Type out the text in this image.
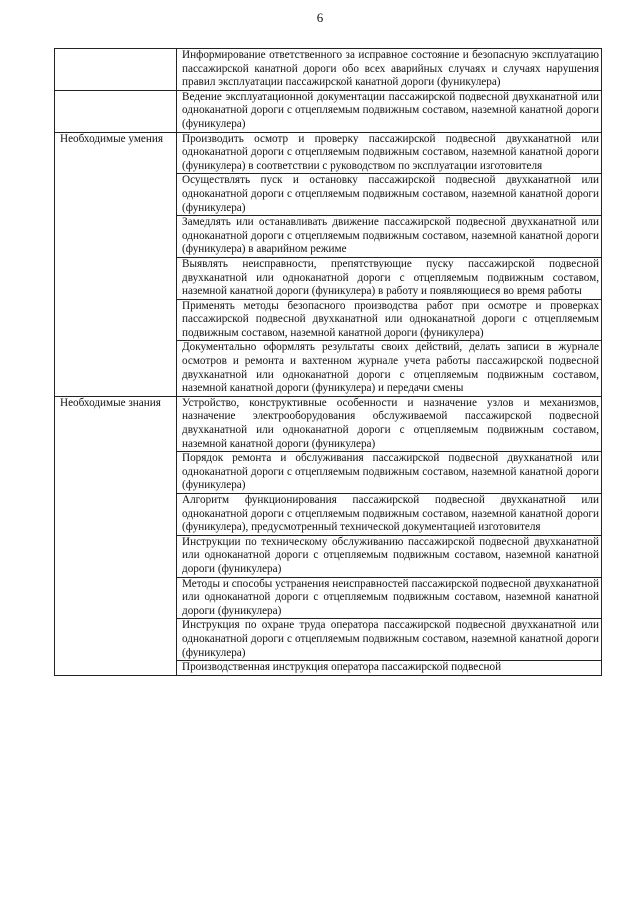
6
	Информирование ответственного за исправное состояние и безопасную эксплуатацию пассажирской канатной дороги обо всех аварийных случаях и случаях нарушения правил эксплуатации пассажирской канатной дороги (фуникулера)
	Ведение эксплуатационной документации пассажирской подвесной двухканатной или одноканатной дороги с отцепляемым подвижным составом, наземной канатной дороги (фуникулера)
Необходимые умения	Производить осмотр и проверку пассажирской подвесной двухканатной или одноканатной дороги с отцепляемым подвижным составом, наземной канатной дороги (фуникулера) в соответствии с руководством по эксплуатации изготовителя
	Осуществлять пуск и остановку пассажирской подвесной двухканатной или одноканатной дороги с отцепляемым подвижным составом, наземной канатной дороги (фуникулера)
	Замедлять или останавливать движение пассажирской подвесной двухканатной или одноканатной дороги с отцепляемым подвижным составом, наземной канатной дороги (фуникулера) в аварийном режиме
	Выявлять неисправности, препятствующие пуску пассажирской подвесной двухканатной или одноканатной дороги с отцепляемым подвижным составом, наземной канатной дороги (фуникулера) в работу и появляющиеся во время работы
	Применять методы безопасного производства работ при осмотре и проверках пассажирской подвесной двухканатной или одноканатной дороги с отцепляемым подвижным составом, наземной канатной дороги (фуникулера)
	Документально оформлять результаты своих действий, делать записи в журнале осмотров и ремонта и вахтенном журнале учета работы пассажирской подвесной двухканатной или одноканатной дороги с отцепляемым подвижным составом, наземной канатной дороги (фуникулера) и передачи смены
Необходимые знания	Устройство, конструктивные особенности и назначение узлов и механизмов, назначение электрооборудования обслуживаемой пассажирской подвесной двухканатной или одноканатной дороги с отцепляемым подвижным составом, наземной канатной дороги (фуникулера)
	Порядок ремонта и обслуживания пассажирской подвесной двухканатной или одноканатной дороги с отцепляемым подвижным составом, наземной канатной дороги (фуникулера)
	Алгоритм функционирования пассажирской подвесной двухканатной или одноканатной дороги с отцепляемым подвижным составом, наземной канатной дороги (фуникулера), предусмотренный технической документацией изготовителя
	Инструкции по техническому обслуживанию пассажирской подвесной двухканатной или одноканатной дороги с отцепляемым подвижным составом, наземной канатной дороги (фуникулера)
	Методы и способы устранения неисправностей пассажирской подвесной двухканатной или одноканатной дороги с отцепляемым подвижным составом, наземной канатной дороги (фуникулера)
	Инструкция по охране труда оператора пассажирской подвесной двухканатной или одноканатной дороги с отцепляемым подвижным составом, наземной канатной дороги (фуникулера)
	Производственная инструкция оператора пассажирской подвесной
